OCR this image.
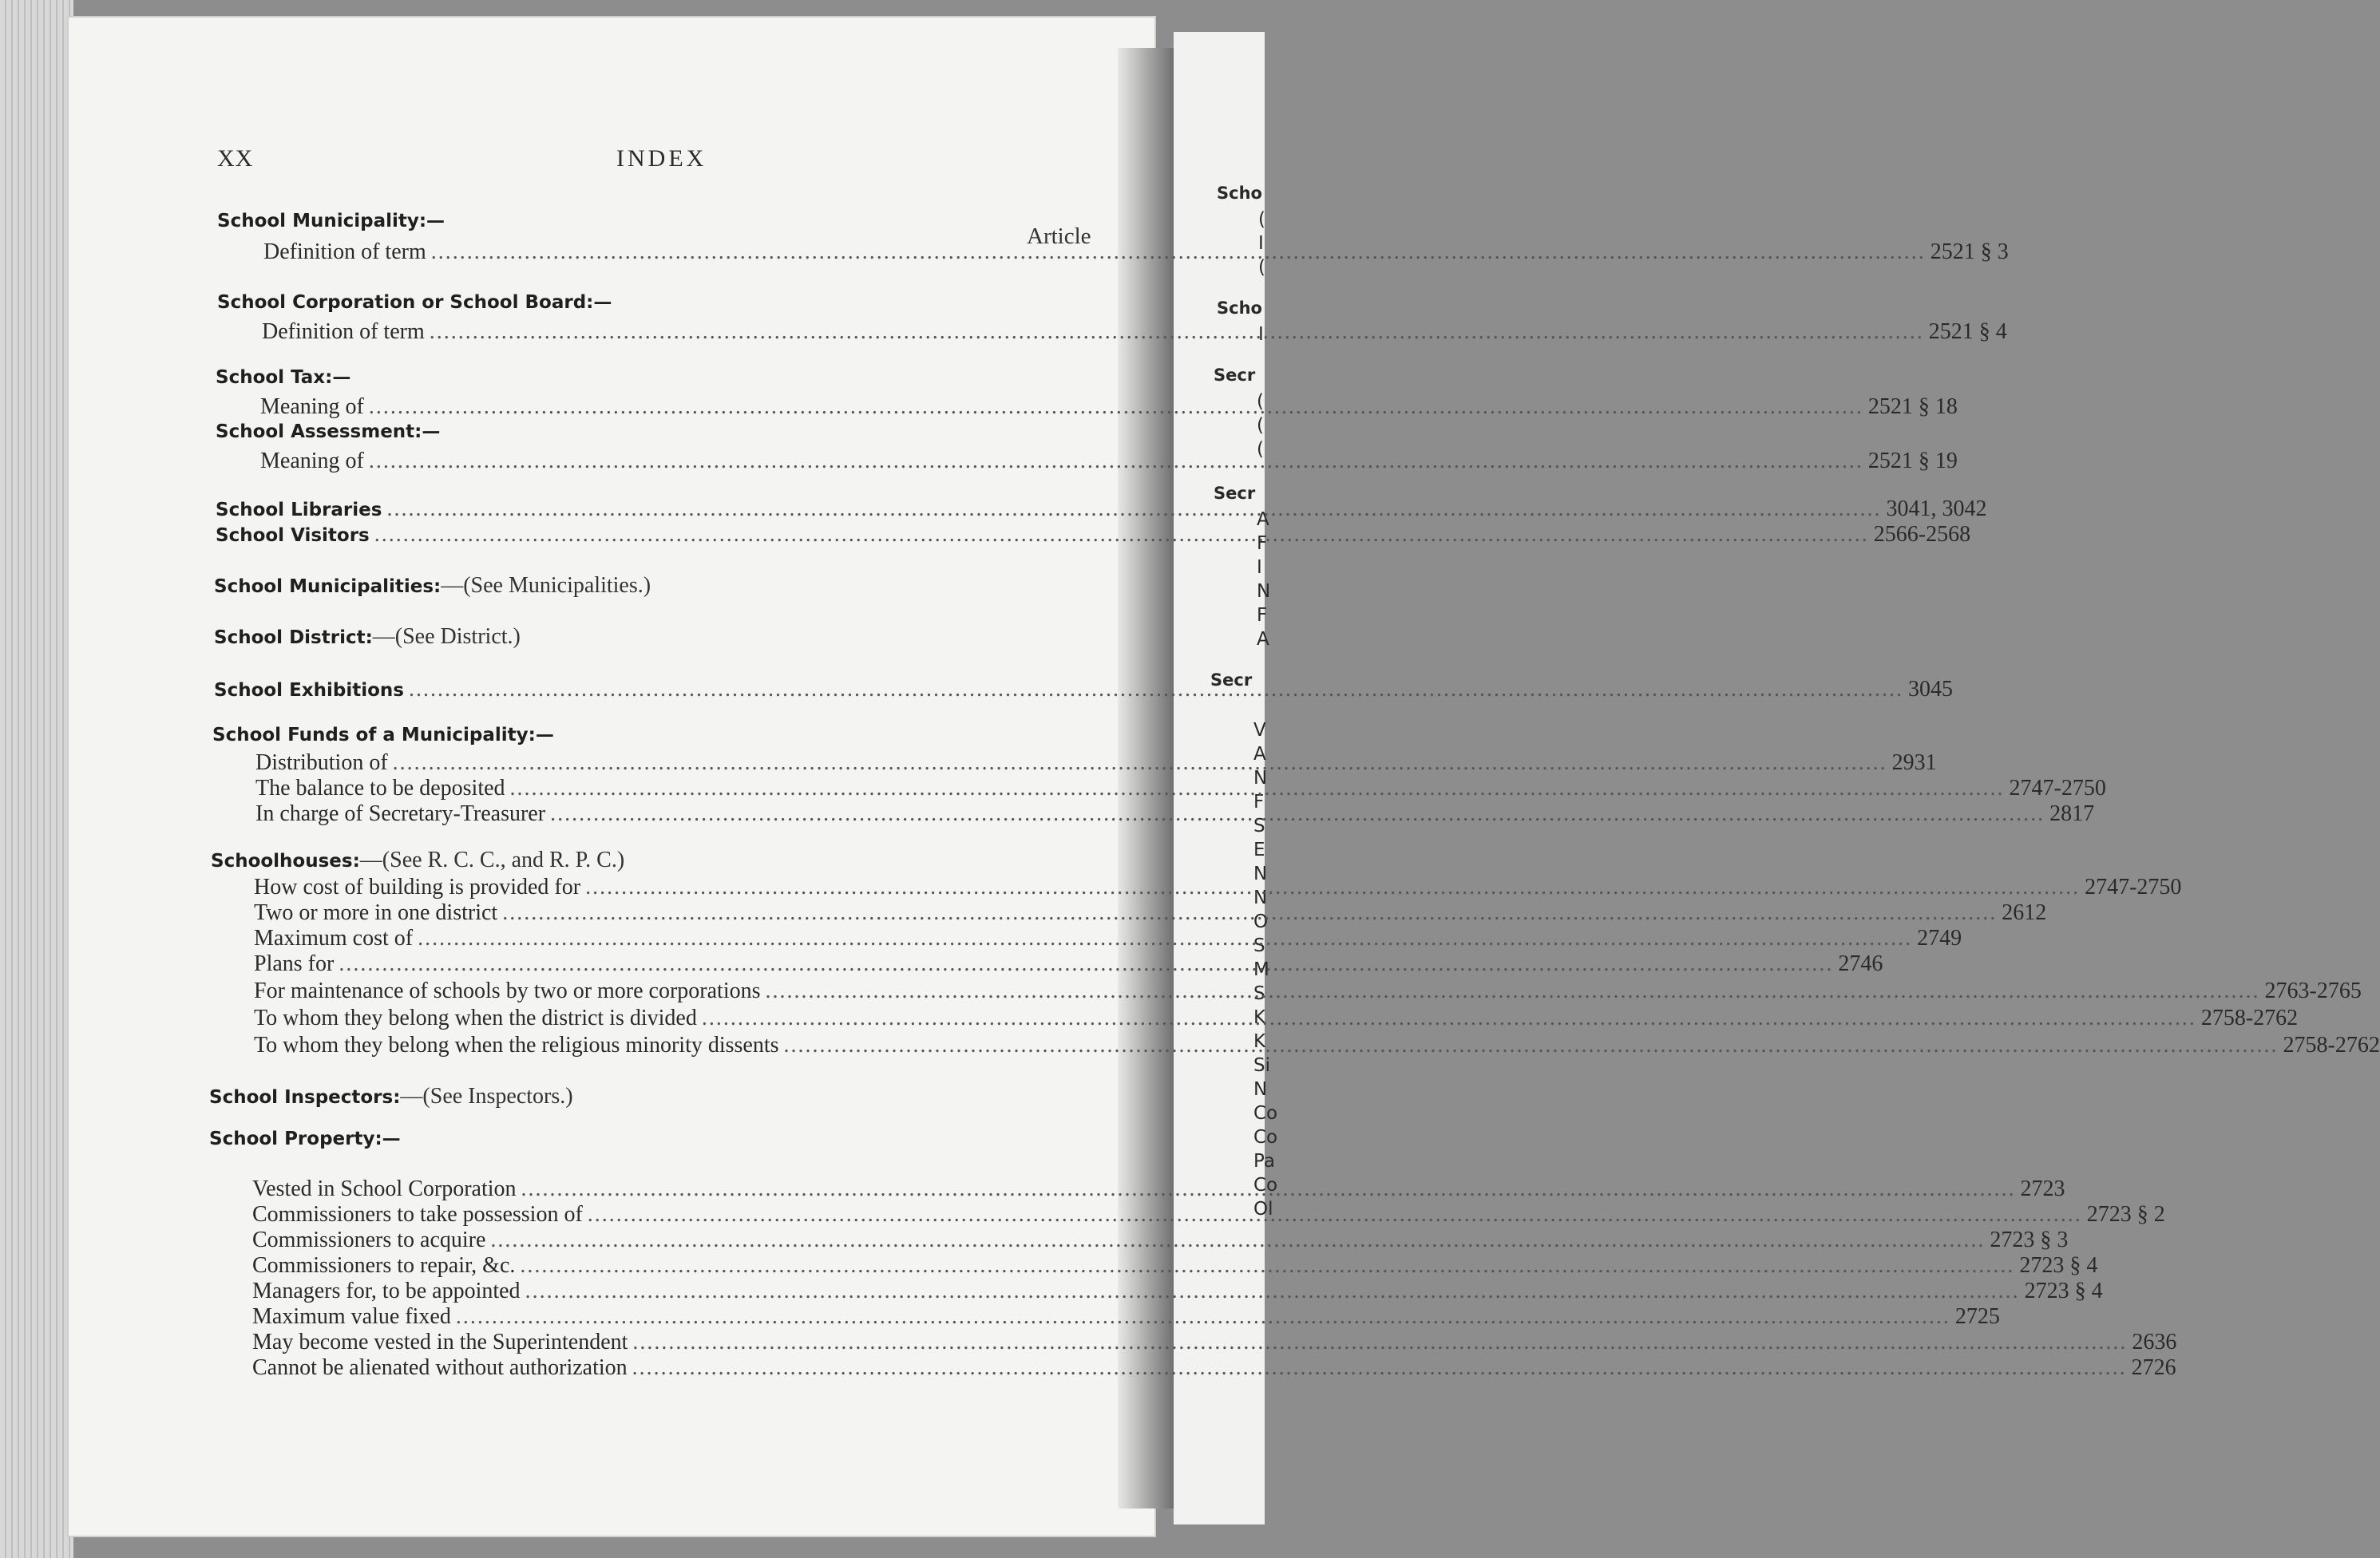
Scho
(
I
(
Scho
I
Secr
(
(
(
Secr
A
F
I
N
F
A
Secr
V
A
N
F
S
E
N
N
O
S
M
S
K
K
Si
N
Co
Co
Pa
Co
Ol
XX	INDEX
Article
School Municipality:—
Definition of term .....	2521 § 3
School Corporation or School Board:—
Definition of term .....	2521 § 4
School Tax:—
Meaning of .....	2521 § 18
School Assessment:—
Meaning of .....	2521 § 19
School Libraries .....	3041, 3042
School Visitors .....	2566-2568
School Municipalities:—(See Municipalities.)
School District:—(See District.)
School Exhibitions .....	3045
School Funds of a Municipality:—
Distribution of .....	2931
The balance to be deposited .....	2747-2750
In charge of Secretary-Treasurer .....	2817
Schoolhouses:—(See R. C. C., and R. P. C.)
How cost of building is provided for .....	2747-2750
Two or more in one district .....	2612
Maximum cost of .....	2749
Plans for .....	2746
For maintenance of schools by two or more corporations .....	2763-2765
To whom they belong when the district is divided .....	2758-2762
To whom they belong when the religious minority dissents .....	2758-2762
School Inspectors:—(See Inspectors.)
School Property:—
Vested in School Corporation .....	2723
Commissioners to take possession of .....	2723 § 2
Commissioners to acquire .....	2723 § 3
Commissioners to repair, &c. .....	2723 § 4
Managers for, to be appointed .....	2723 § 4
Maximum value fixed .....	2725
May become vested in the Superintendent .....	2636
Cannot be alienated without authorization .....	2726
